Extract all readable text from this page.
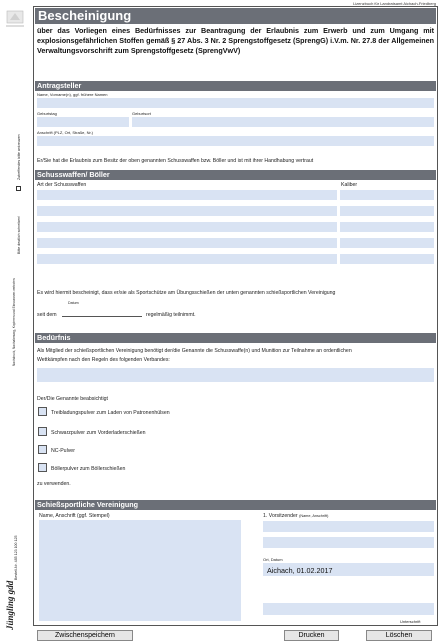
Bitte deutlich schreiben!
Zutreffendes bitte ankreuzen
Nachdruck, Nachahmung, Kopieren und Einscannen verboten
Bestell-Nr. 485 123 100 125
Jüngling gdd
Lizenzbuch für Landratsamt Aichach-Friedberg
Bescheinigung
über das Vorliegen eines Bedürfnisses zur Beantragung der Erlaubnis zum Erwerb und zum Umgang mit explosionsgefährlichen Stoffen gemäß § 27 Abs. 3 Nr. 2 Sprengstoffgesetz (SprengG) i.V.m. Nr. 27.8 der Allgemeinen Verwaltungsvorschrift zum Sprengstoffgesetz (SprengVwV)
Antragsteller
Name, Vorname(n), ggf. frühere Namen
Geburtstag	Geburtsort
Anschrift (PLZ, Ort, Straße, Nr.)
Er/Sie hat die Erlaubnis zum Besitz der oben genannten Schusswaffen bzw. Böller und ist mit ihrer Handhabung vertraut
Schusswaffen/ Böller
Art der Schusswaffen	Kaliber
Es wird hiermit bescheinigt, dass er/sie als Sportschütze am Übungsschießen der unten genannten schießsportlichen Vereinigung
seit dem
Datum
regelmäßig teilnimmt.
Bedürfnis
Als Mitglied der schießsportlichen Vereinigung benötigt der/die Genannte die Schusswaffe(n) und Munition zur Teilnahme an ordentlichen
Wettkämpfen nach den Regeln des folgenden Verbandes:
Der/Die Genannte beabsichtigt
Treibladungspulver zum Laden von Patronenhülsen
Schwarzpulver zum Vorderladerschießen
NC-Pulver
Böllerpulver zum Böllerschießen
zu verwenden.
Schießsportliche Vereinigung
Name, Anschrift (ggf. Stempel)	1. Vorsitzender (Name, Anschrift)
Ort, Datum
Aichach, 01.02.2017
Unterschrift
Zwischenspeichern	Drucken	Löschen
